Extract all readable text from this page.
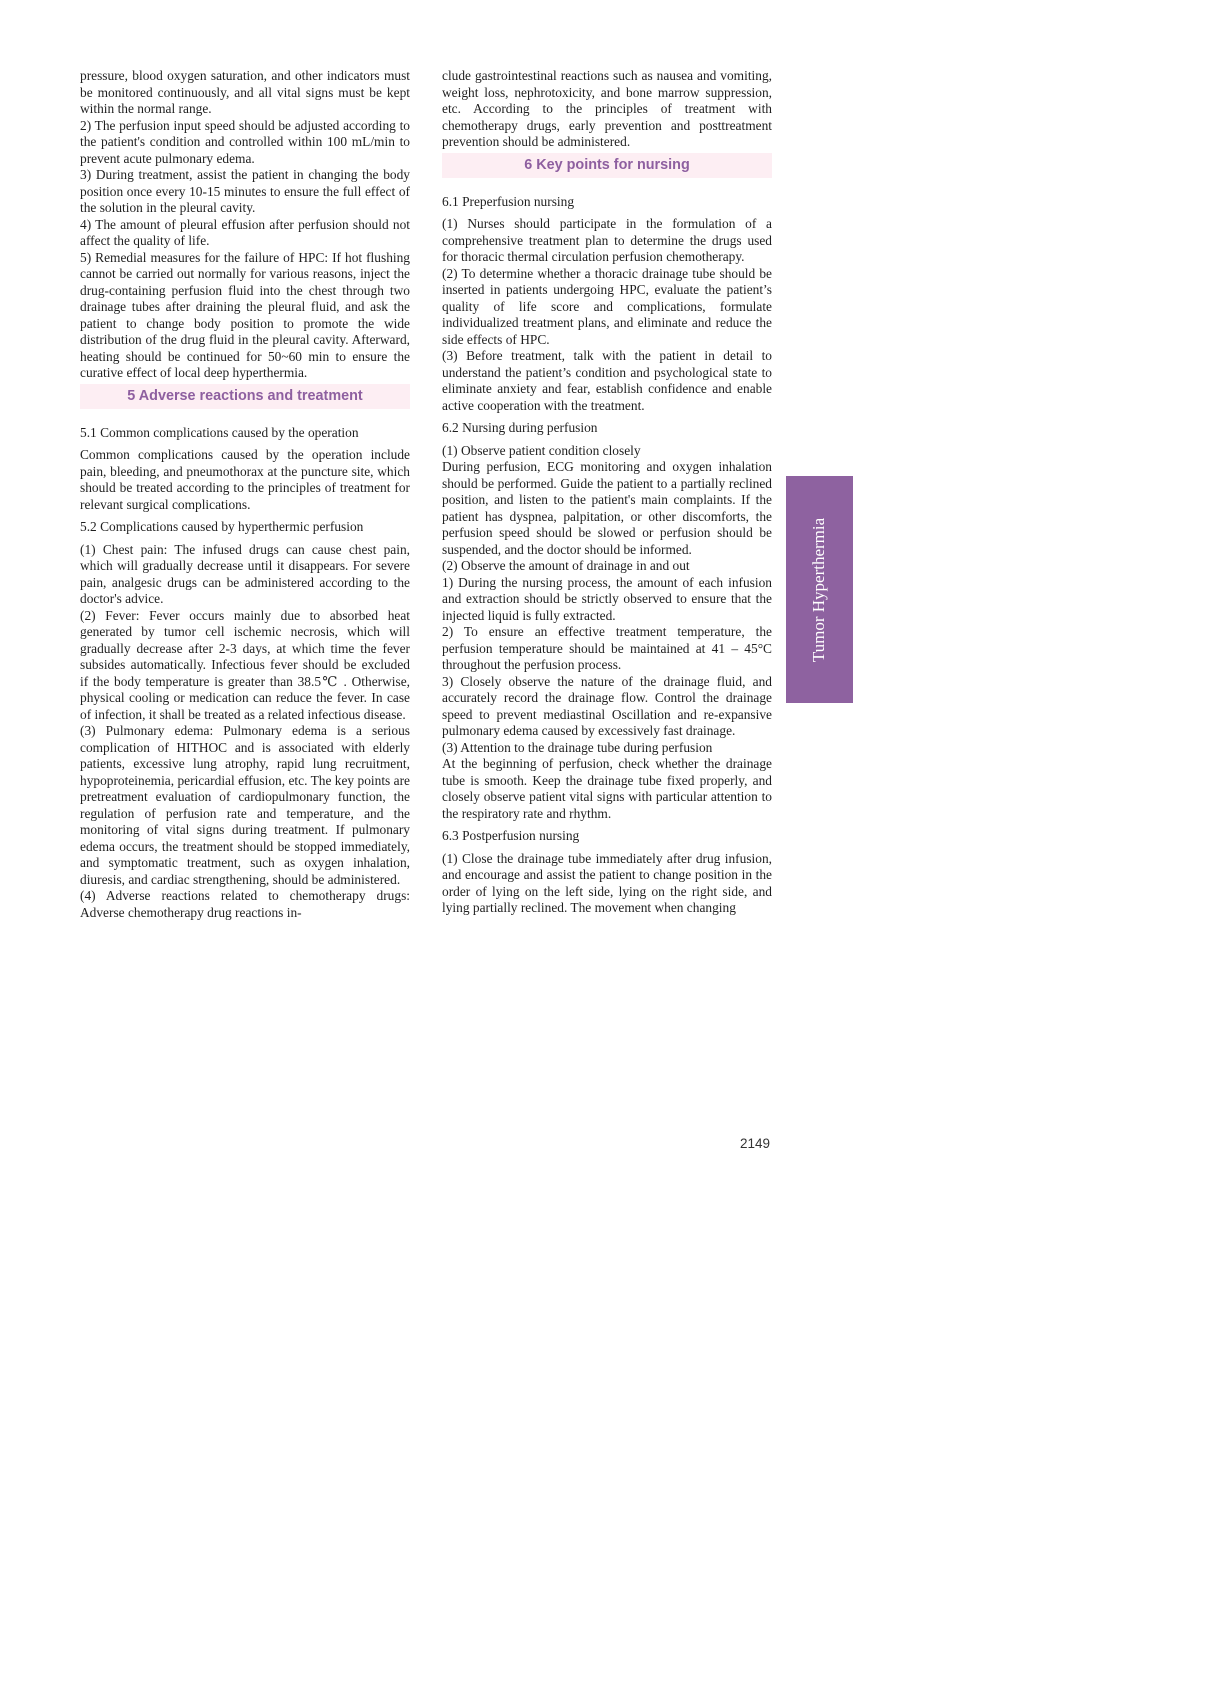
pressure, blood oxygen saturation, and other indicators must be monitored continuously, and all vital signs must be kept within the normal range.

2) The perfusion input speed should be adjusted according to the patient's condition and controlled within 100 mL/min to prevent acute pulmonary edema.

3) During treatment, assist the patient in changing the body position once every 10-15 minutes to ensure the full effect of the solution in the pleural cavity.

4) The amount of pleural effusion after perfusion should not affect the quality of life.

5) Remedial measures for the failure of HPC: If hot flushing cannot be carried out normally for various reasons, inject the drug-containing perfusion fluid into the chest through two drainage tubes after draining the pleural fluid, and ask the patient to change body position to promote the wide distribution of the drug fluid in the pleural cavity. Afterward, heating should be continued for 50~60 min to ensure the curative effect of local deep hyperthermia.

5 Adverse reactions and treatment

5.1 Common complications caused by the operation

Common complications caused by the operation include pain, bleeding, and pneumothorax at the puncture site, which should be treated according to the principles of treatment for relevant surgical complications.

5.2 Complications caused by hyperthermic perfusion

(1) Chest pain: The infused drugs can cause chest pain, which will gradually decrease until it disappears. For severe pain, analgesic drugs can be administered according to the doctor's advice.

(2) Fever: Fever occurs mainly due to absorbed heat generated by tumor cell ischemic necrosis, which will gradually decrease after 2-3 days, at which time the fever subsides automatically. Infectious fever should be excluded if the body temperature is greater than 38.5℃ . Otherwise, physical cooling or medication can reduce the fever. In case of infection, it shall be treated as a related infectious disease.

(3) Pulmonary edema: Pulmonary edema is a serious complication of HITHOC and is associated with elderly patients, excessive lung atrophy, rapid lung recruitment, hypoproteinemia, pericardial effusion, etc. The key points are pretreatment evaluation of cardiopulmonary function, the regulation of perfusion rate and temperature, and the monitoring of vital signs during treatment. If pulmonary edema occurs, the treatment should be stopped immediately, and symptomatic treatment, such as oxygen inhalation, diuresis, and cardiac strengthening, should be administered.

(4) Adverse reactions related to chemotherapy drugs: Adverse chemotherapy drug reactions in-

clude gastrointestinal reactions such as nausea and vomiting, weight loss, nephrotoxicity, and bone marrow suppression, etc. According to the principles of treatment with chemotherapy drugs, early prevention and posttreatment prevention should be administered.

6 Key points for nursing

6.1 Preperfusion nursing

(1) Nurses should participate in the formulation of a comprehensive treatment plan to determine the drugs used for thoracic thermal circulation perfusion chemotherapy.

(2) To determine whether a thoracic drainage tube should be inserted in patients undergoing HPC, evaluate the patient’s quality of life score and complications, formulate individualized treatment plans, and eliminate and reduce the side effects of HPC.

(3) Before treatment, talk with the patient in detail to understand the patient’s condition and psychological state to eliminate anxiety and fear, establish confidence and enable active cooperation with the treatment.

6.2 Nursing during perfusion

(1) Observe patient condition closely

During perfusion, ECG monitoring and oxygen inhalation should be performed. Guide the patient to a partially reclined position, and listen to the patient's main complaints. If the patient has dyspnea, palpitation, or other discomforts, the perfusion speed should be slowed or perfusion should be suspended, and the doctor should be informed.

(2) Observe the amount of drainage in and out

1) During the nursing process, the amount of each infusion and extraction should be strictly observed to ensure that the injected liquid is fully extracted.

2) To ensure an effective treatment temperature, the perfusion temperature should be maintained at 41 – 45°C throughout the perfusion process.

3) Closely observe the nature of the drainage fluid, and accurately record the drainage flow. Control the drainage speed to prevent mediastinal Oscillation and re-expansive pulmonary edema caused by excessively fast drainage.

(3) Attention to the drainage tube during perfusion

At the beginning of perfusion, check whether the drainage tube is smooth. Keep the drainage tube fixed properly, and closely observe patient vital signs with particular attention to the respiratory rate and rhythm.

6.3 Postperfusion nursing

(1) Close the drainage tube immediately after drug infusion, and encourage and assist the patient to change position in the order of lying on the left side, lying on the right side, and lying partially reclined. The movement when changing

Tumor Hyperthermia
2149
